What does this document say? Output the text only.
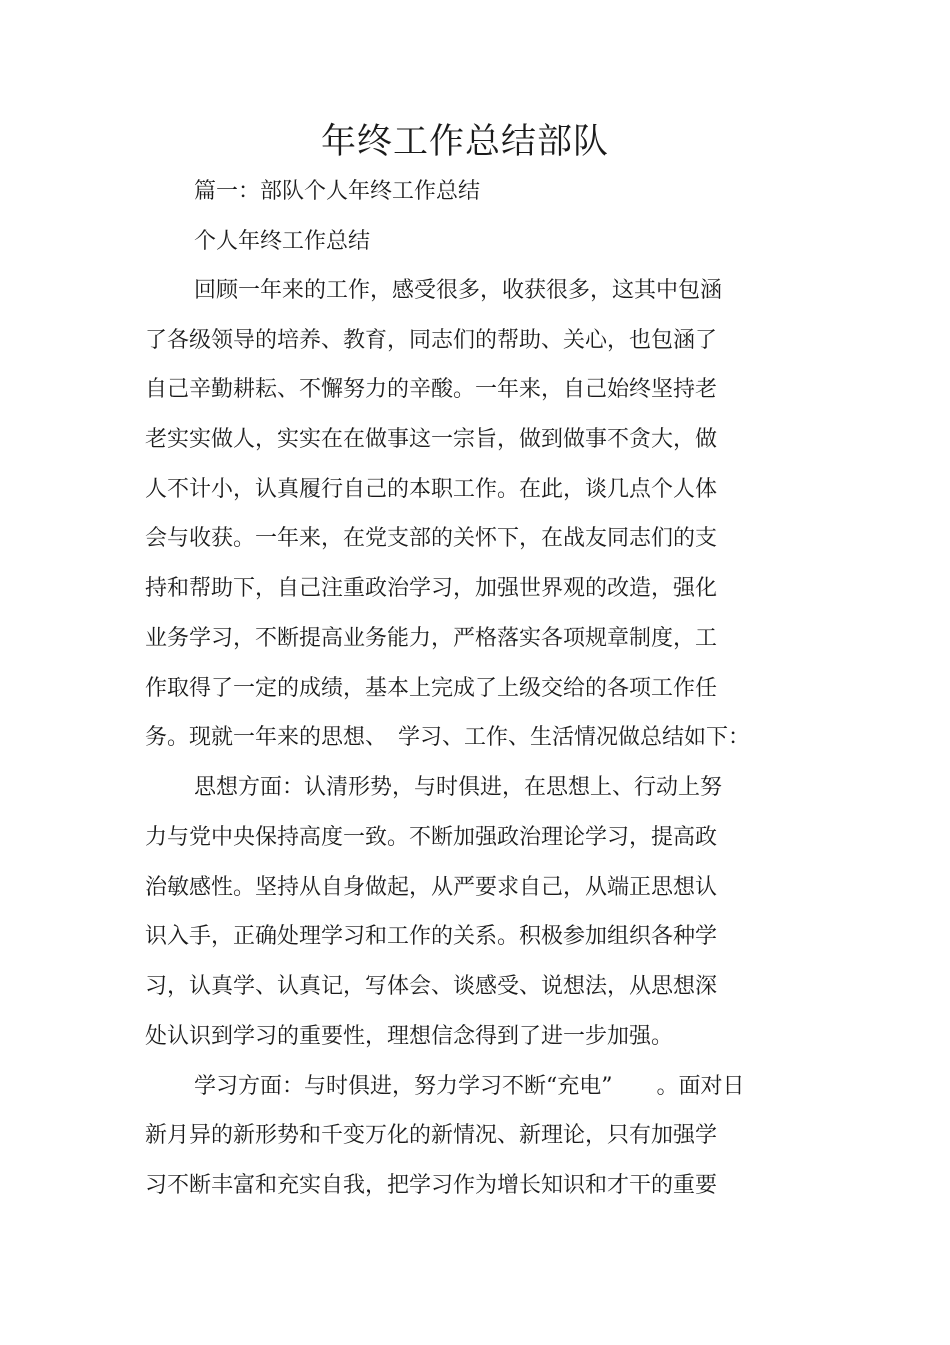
年终工作总结部队
篇一：部队个人年终工作总结
个人年终工作总结
回顾一年来的工作，感受很多，收获很多，这其中包涵
了各级领导的培养、教育，同志们的帮助、关心，也包涵了
自己辛勤耕耘、不懈努力的辛酸。一年来，自己始终坚持老
老实实做人，实实在在做事这一宗旨，做到做事不贪大，做
人不计小，认真履行自己的本职工作。在此，谈几点个人体
会与收获。一年来，在党支部的关怀下，在战友同志们的支
持和帮助下，自己注重政治学习，加强世界观的改造，强化
业务学习，不断提高业务能力，严格落实各项规章制度，工
作取得了一定的成绩，基本上完成了上级交给的各项工作任
务。现就一年来的思想、　学习、工作、生活情况做总结如下：
思想方面：认清形势，与时俱进，在思想上、行动上努
力与党中央保持高度一致。不断加强政治理论学习，提高政
治敏感性。坚持从自身做起，从严要求自己，从端正思想认
识入手，正确处理学习和工作的关系。积极参加组织各种学
习，认真学、认真记，写体会、谈感受、说想法，从思想深
处认识到学习的重要性，理想信念得到了进一步加强。
学习方面：与时俱进，努力学习不断“充电”　　。面对日
新月异的新形势和千变万化的新情况、新理论，只有加强学
习不断丰富和充实自我，把学习作为增长知识和才干的重要
